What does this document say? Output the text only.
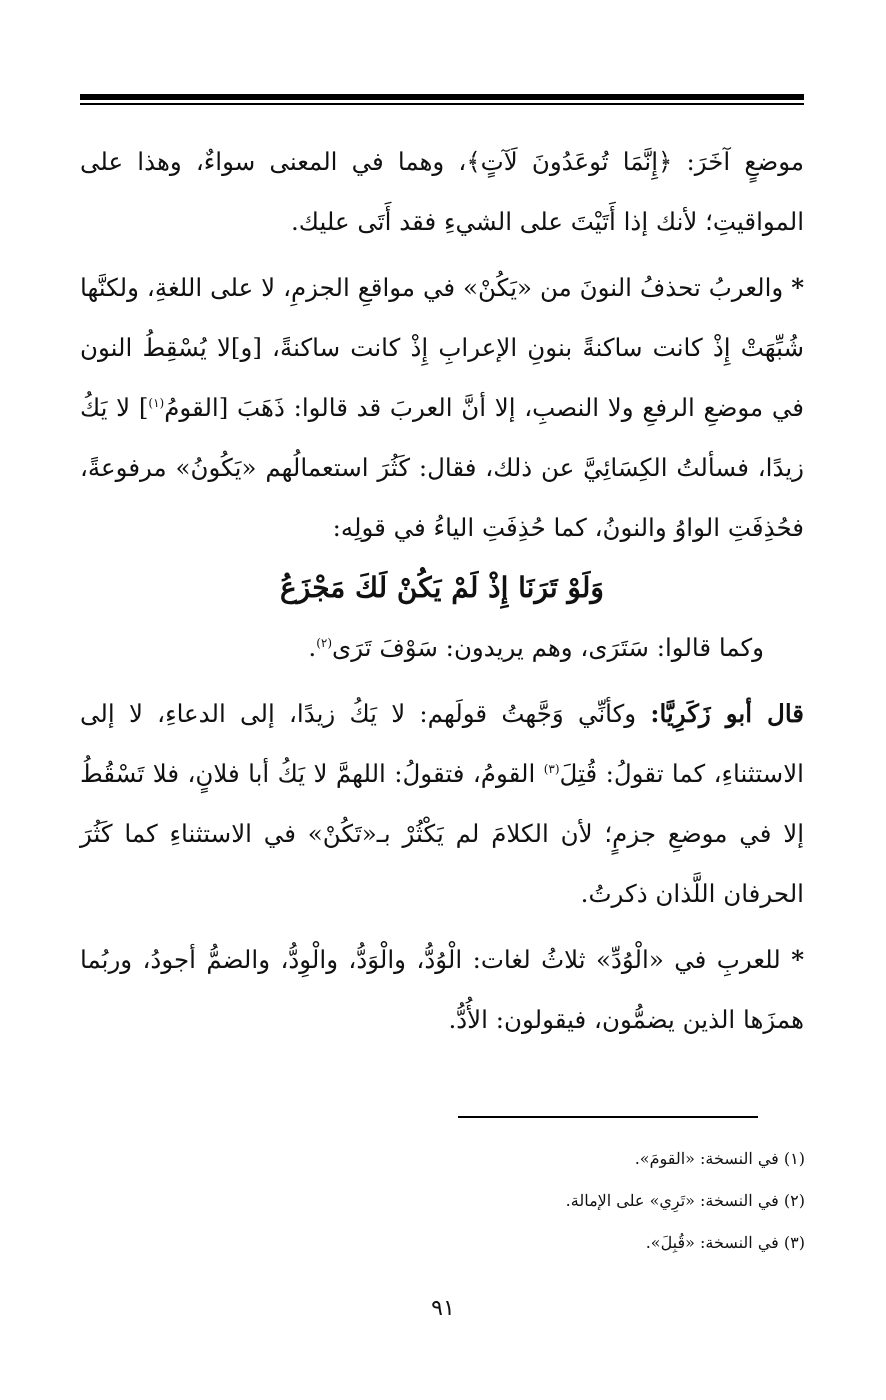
موضعٍ آخَرَ: ﴿إِنَّمَا تُوعَدُونَ لَآتٍ﴾، وهما في المعنى سواءٌ، وهذا على المواقيتِ؛ لأنك إذا أَتَيْتَ على الشيءِ فقد أَتَى عليك.

* والعربُ تحذفُ النونَ من «يَكُنْ» في مواقعِ الجزمِ، لا على اللغةِ، ولكنَّها شُبِّهَتْ إِذْ كانت ساكنةً بنونِ الإعرابِ إِذْ كانت ساكنةً، [و]لا يُسْقِطُ النون في موضعِ الرفعِ ولا النصبِ، إلا أنَّ العربَ قد قالوا: ذَهَبَ [القومُ$^{(١)}$] لا يَكُ زيدًا، فسألتُ الكِسَائِيَّ عن ذلك، فقال: كَثُرَ استعمالُهم «يَكُونُ» مرفوعةً، فحُذِفَتِ الواوُ والنونُ، كما حُذِفَتِ الياءُ في قولِه:

وَلَوْ تَرَنَا إِذْ لَمْ يَكُنْ لَكَ مَجْزَعُ

وكما قالوا: سَتَرَى، وهم يريدون: سَوْفَ تَرَى$^{(٢)}$.

قال أبو زَكَرِيَّا: وكأنِّي وَجَّهتُ قولَهم: لا يَكُ زيدًا، إلى الدعاءِ، لا إلى الاستثناءِ، كما تقولُ: قُتِلَ$^{(٣)}$ القومُ، فتقولُ: اللهمَّ لا يَكُ أبا فلانٍ، فلا تَسْقُطُ إلا في موضعِ جزمٍ؛ لأن الكلامَ لم يَكْثُرْ بـ«تَكُنْ» في الاستثناءِ كما كَثُرَ الحرفان اللَّذان ذكرتُ.

* للعربِ في «الْوُدِّ» ثلاثُ لغات: الْوُدُّ، والْوَدُّ، والْوِدُّ، والضمُّ أجودُ، وربُما همزَها الذين يضمُّون، فيقولون: الأُدُّ.

(١) في النسخة: «القومَ».

(٢) في النسخة: «تَرِي» على الإمالة.

(٣) في النسخة: «قُبِلَ».

٩١
